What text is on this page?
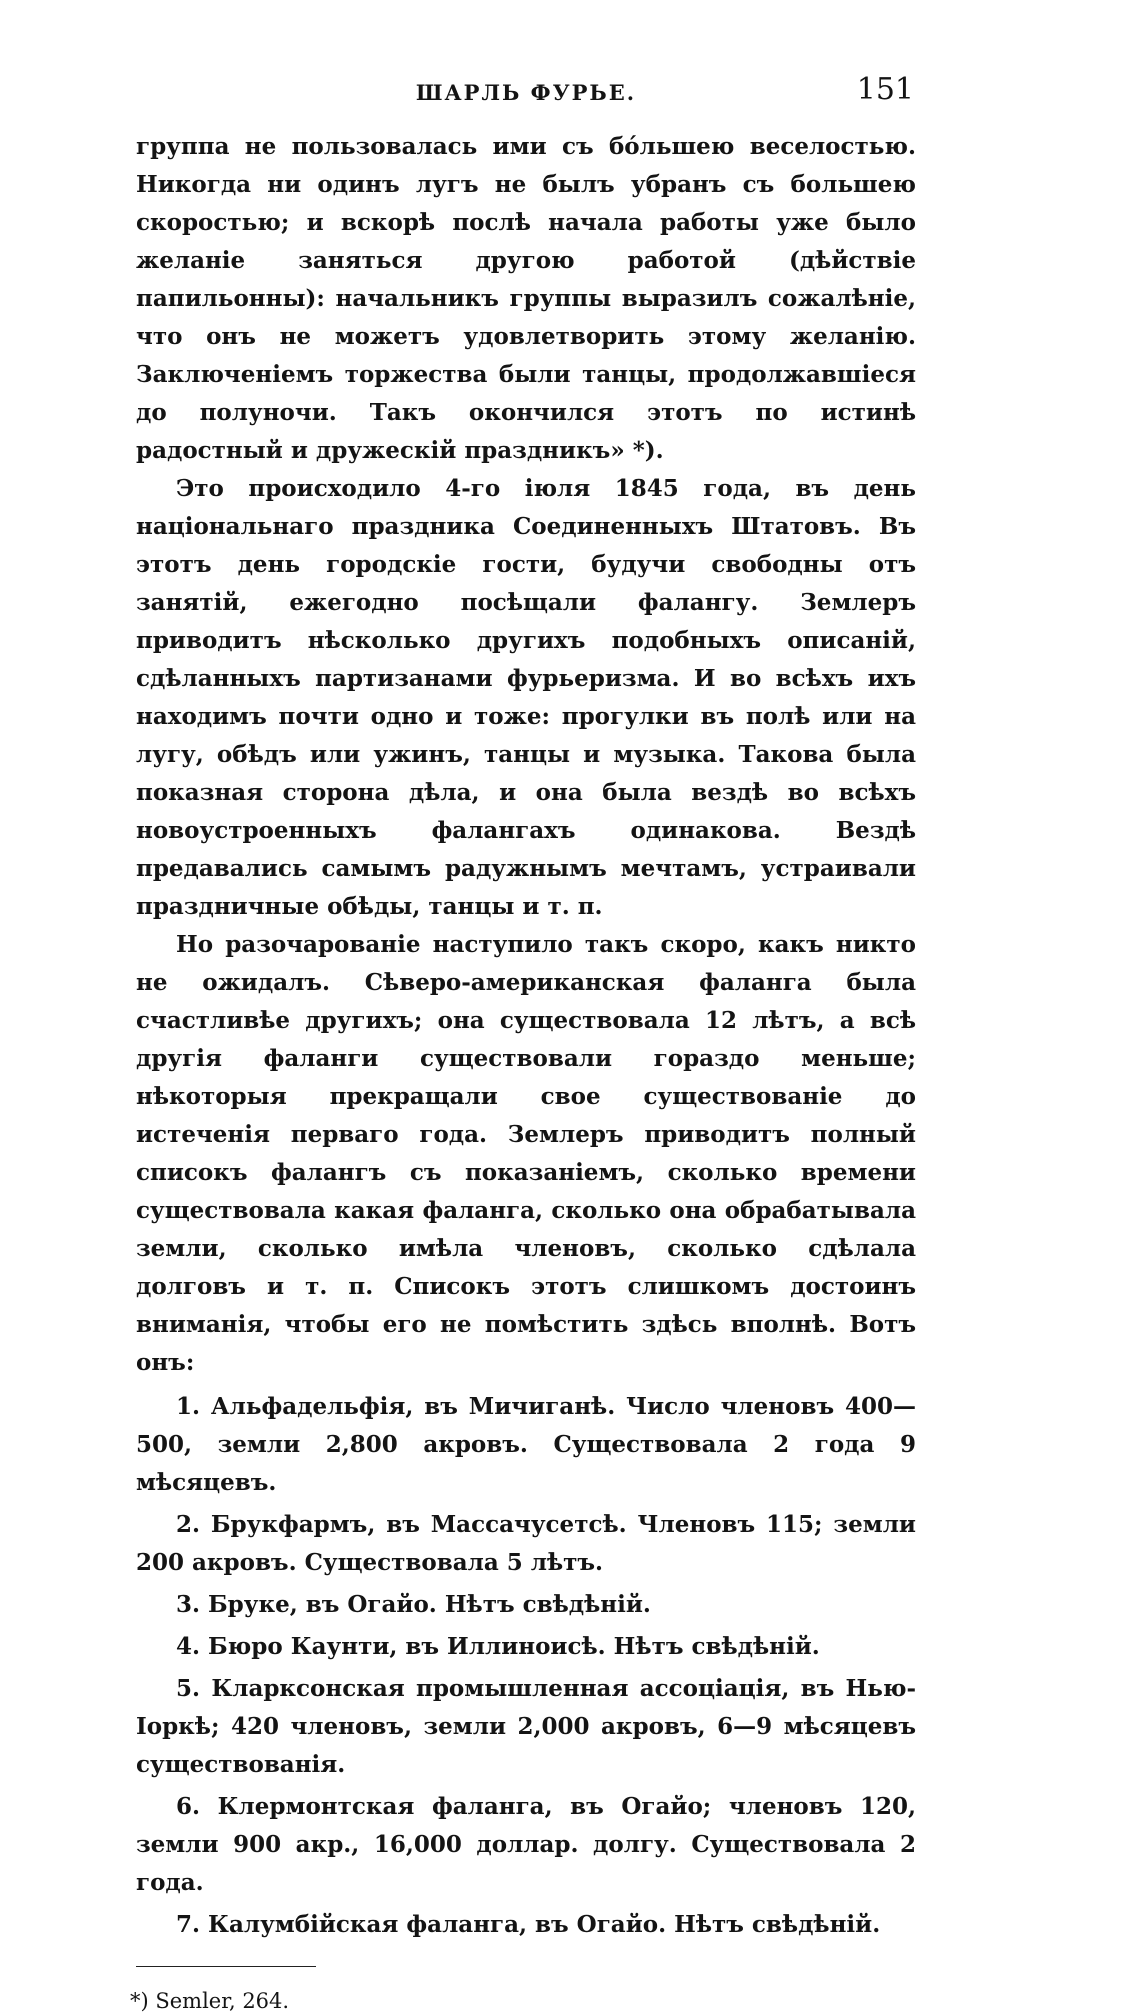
ШАРЛЬ ФУРЬЕ.	151

группа не пользовалась ими съ бóльшею веселостью. Никогда ни одинъ лугъ не былъ убранъ съ большею скоростью; и вскорѣ послѣ начала работы уже было желаніе заняться другою работой (дѣйствіе папильонны): начальникъ группы выразилъ сожалѣніе, что онъ не можетъ удовлетворить этому желанію. Заключеніемъ торжества были танцы, продолжавшіеся до полуночи. Такъ окончился этотъ по истинѣ радостный и дружескій праздникъ» *).

Это происходило 4-го іюля 1845 года, въ день національнаго праздника Соединенныхъ Штатовъ. Въ этотъ день городскіе гости, будучи свободны отъ занятій, ежегодно посѣщали фалангу. Землеръ приводитъ нѣсколько другихъ подобныхъ описаній, сдѣланныхъ партизанами фурьеризма. И во всѣхъ ихъ находимъ почти одно и тоже: прогулки въ полѣ или на лугу, обѣдъ или ужинъ, танцы и музыка. Такова была показная сторона дѣла, и она была вездѣ во всѣхъ новоустроенныхъ фалангахъ одинакова. Вездѣ предавались самымъ радужнымъ мечтамъ, устраивали праздничные обѣды, танцы и т. п.

Но разочарованіе наступило такъ скоро, какъ никто не ожидалъ. Сѣверо-американская фаланга была счастливѣе другихъ; она существовала 12 лѣтъ, а всѣ другія фаланги существовали гораздо меньше; нѣкоторыя прекращали свое существованіе до истеченія перваго года. Землеръ приводитъ полный списокъ фалангъ съ показаніемъ, сколько времени существовала какая фаланга, сколько она обрабатывала земли, сколько имѣла членовъ, сколько сдѣлала долговъ и т. п. Списокъ этотъ слишкомъ достоинъ вниманія, чтобы его не помѣстить здѣсь вполнѣ. Вотъ онъ:

1. Альфадельфія, въ Мичиганѣ. Число членовъ 400—500, земли 2,800 акровъ. Существовала 2 года 9 мѣсяцевъ.
2. Брукфармъ, въ Массачусетсѣ. Членовъ 115; земли 200 акровъ. Существовала 5 лѣтъ.
3. Бруке, въ Огайо. Нѣтъ свѣдѣній.
4. Бюро Каунти, въ Иллиноисѣ. Нѣтъ свѣдѣній.
5. Кларксонская промышленная ассоціація, въ Нью-Іоркѣ; 420 членовъ, земли 2,000 акровъ, 6—9 мѣсяцевъ существованія.
6. Клермонтская фаланга, въ Огайо; членовъ 120, земли 900 акр., 16,000 доллар. долгу. Существовала 2 года.
7. Калумбійская фаланга, въ Огайо. Нѣтъ свѣдѣній.
*) Semler, 264.
